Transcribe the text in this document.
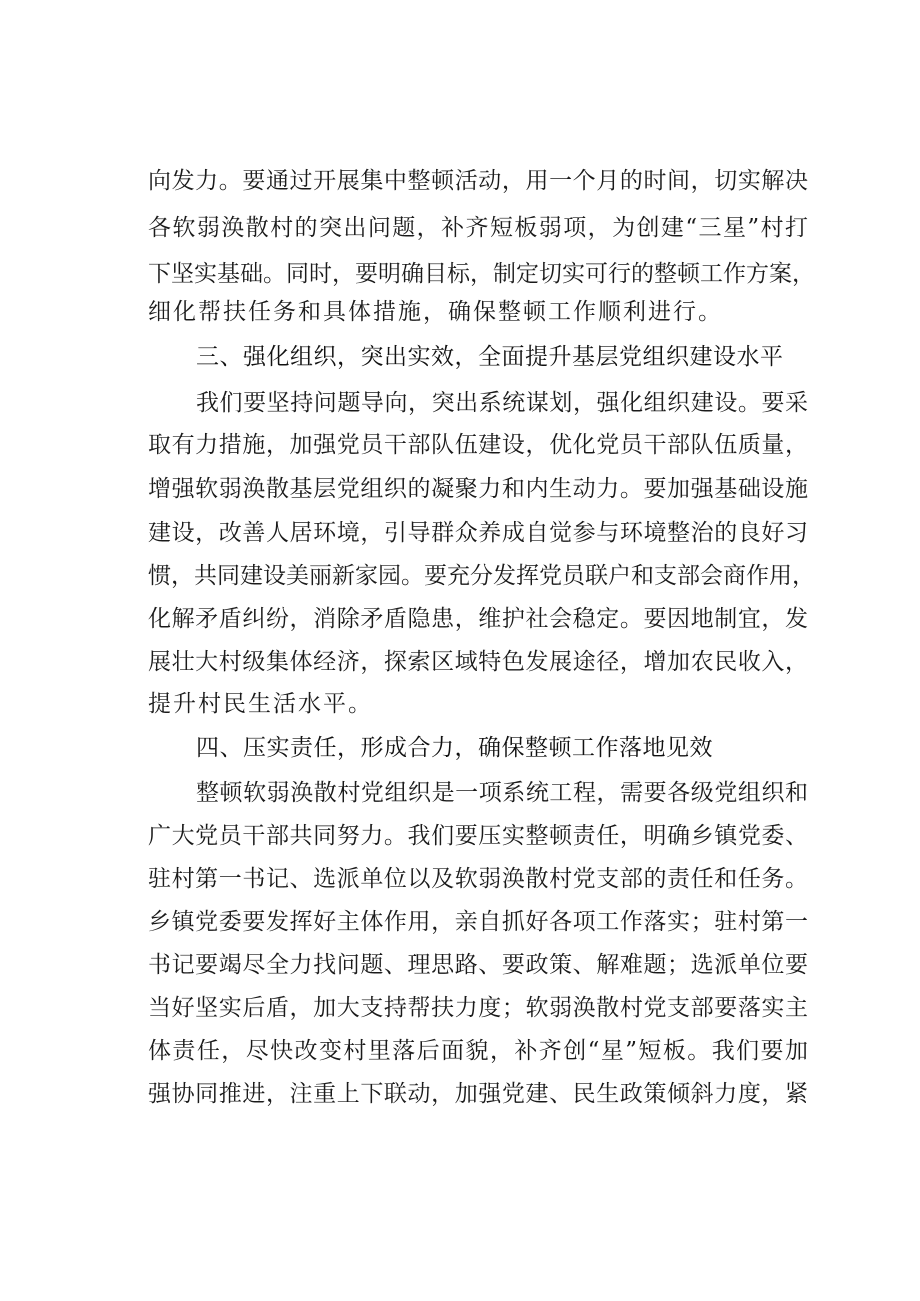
向发力。要通过开展集中整顿活动，用一个月的时间，切实解决
各软弱涣散村的突出问题，补齐短板弱项，为创建“三星”村打
下坚实基础。同时，要明确目标，制定切实可行的整顿工作方案，
细化帮扶任务和具体措施，确保整顿工作顺利进行。
三、强化组织，突出实效，全面提升基层党组织建设水平
我们要坚持问题导向，突出系统谋划，强化组织建设。要采
取有力措施，加强党员干部队伍建设，优化党员干部队伍质量，
增强软弱涣散基层党组织的凝聚力和内生动力。要加强基础设施
建设，改善人居环境，引导群众养成自觉参与环境整治的良好习
惯，共同建设美丽新家园。要充分发挥党员联户和支部会商作用，
化解矛盾纠纷，消除矛盾隐患，维护社会稳定。要因地制宜，发
展壮大村级集体经济，探索区域特色发展途径，增加农民收入，
提升村民生活水平。
四、压实责任，形成合力，确保整顿工作落地见效
整顿软弱涣散村党组织是一项系统工程，需要各级党组织和
广大党员干部共同努力。我们要压实整顿责任，明确乡镇党委、
驻村第一书记、选派单位以及软弱涣散村党支部的责任和任务。
乡镇党委要发挥好主体作用，亲自抓好各项工作落实；驻村第一
书记要竭尽全力找问题、理思路、要政策、解难题；选派单位要
当好坚实后盾，加大支持帮扶力度；软弱涣散村党支部要落实主
体责任，尽快改变村里落后面貌，补齐创“星”短板。我们要加
强协同推进，注重上下联动，加强党建、民生政策倾斜力度，紧
